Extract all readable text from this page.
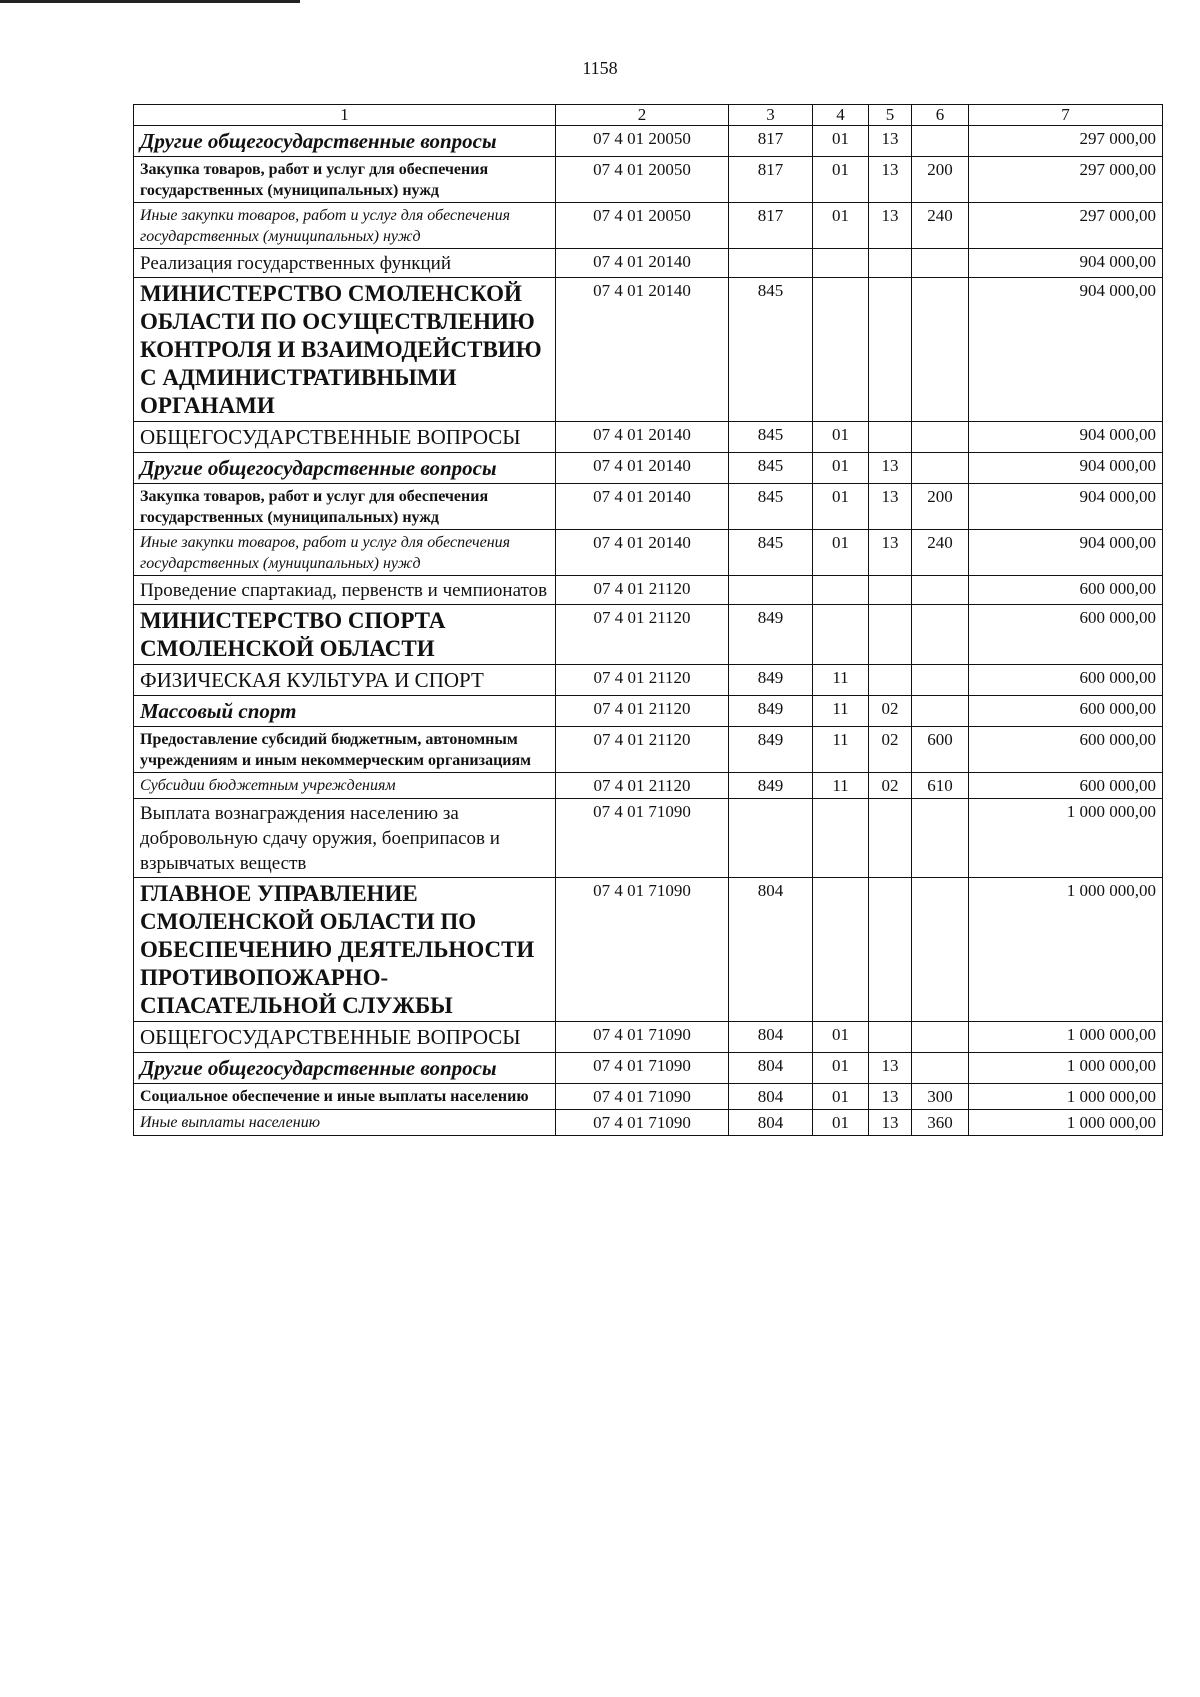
1158
1	2	3	4	5	6	7
Другие общегосударственные вопросы	07 4 01 20050	817	01	13		297 000,00
Закупка товаров, работ и услуг для обеспечения государственных (муниципальных) нужд	07 4 01 20050	817	01	13	200	297 000,00
Иные закупки товаров, работ и услуг для обеспечения государственных (муниципальных) нужд	07 4 01 20050	817	01	13	240	297 000,00
Реализация государственных функций	07 4 01 20140					904 000,00
МИНИСТЕРСТВО СМОЛЕНСКОЙ ОБЛАСТИ ПО ОСУЩЕСТВЛЕНИЮ КОНТРОЛЯ И ВЗАИМОДЕЙСТВИЮ С АДМИНИСТРАТИВНЫМИ ОРГАНАМИ	07 4 01 20140	845				904 000,00
ОБЩЕГОСУДАРСТВЕННЫЕ ВОПРОСЫ	07 4 01 20140	845	01			904 000,00
Другие общегосударственные вопросы	07 4 01 20140	845	01	13		904 000,00
Закупка товаров, работ и услуг для обеспечения государственных (муниципальных) нужд	07 4 01 20140	845	01	13	200	904 000,00
Иные закупки товаров, работ и услуг для обеспечения государственных (муниципальных) нужд	07 4 01 20140	845	01	13	240	904 000,00
Проведение спартакиад, первенств и чемпионатов	07 4 01 21120					600 000,00
МИНИСТЕРСТВО СПОРТА СМОЛЕНСКОЙ ОБЛАСТИ	07 4 01 21120	849				600 000,00
ФИЗИЧЕСКАЯ КУЛЬТУРА И СПОРТ	07 4 01 21120	849	11			600 000,00
Массовый спорт	07 4 01 21120	849	11	02		600 000,00
Предоставление субсидий бюджетным, автономным учреждениям и иным некоммерческим организациям	07 4 01 21120	849	11	02	600	600 000,00
Субсидии бюджетным учреждениям	07 4 01 21120	849	11	02	610	600 000,00
Выплата вознаграждения населению за добровольную сдачу оружия, боеприпасов и взрывчатых веществ	07 4 01 71090					1 000 000,00
ГЛАВНОЕ УПРАВЛЕНИЕ СМОЛЕНСКОЙ ОБЛАСТИ ПО ОБЕСПЕЧЕНИЮ ДЕЯТЕЛЬНОСТИ ПРОТИВОПОЖАРНО-СПАСАТЕЛЬНОЙ СЛУЖБЫ	07 4 01 71090	804				1 000 000,00
ОБЩЕГОСУДАРСТВЕННЫЕ ВОПРОСЫ	07 4 01 71090	804	01			1 000 000,00
Другие общегосударственные вопросы	07 4 01 71090	804	01	13		1 000 000,00
Социальное обеспечение и иные выплаты населению	07 4 01 71090	804	01	13	300	1 000 000,00
Иные выплаты населению	07 4 01 71090	804	01	13	360	1 000 000,00
